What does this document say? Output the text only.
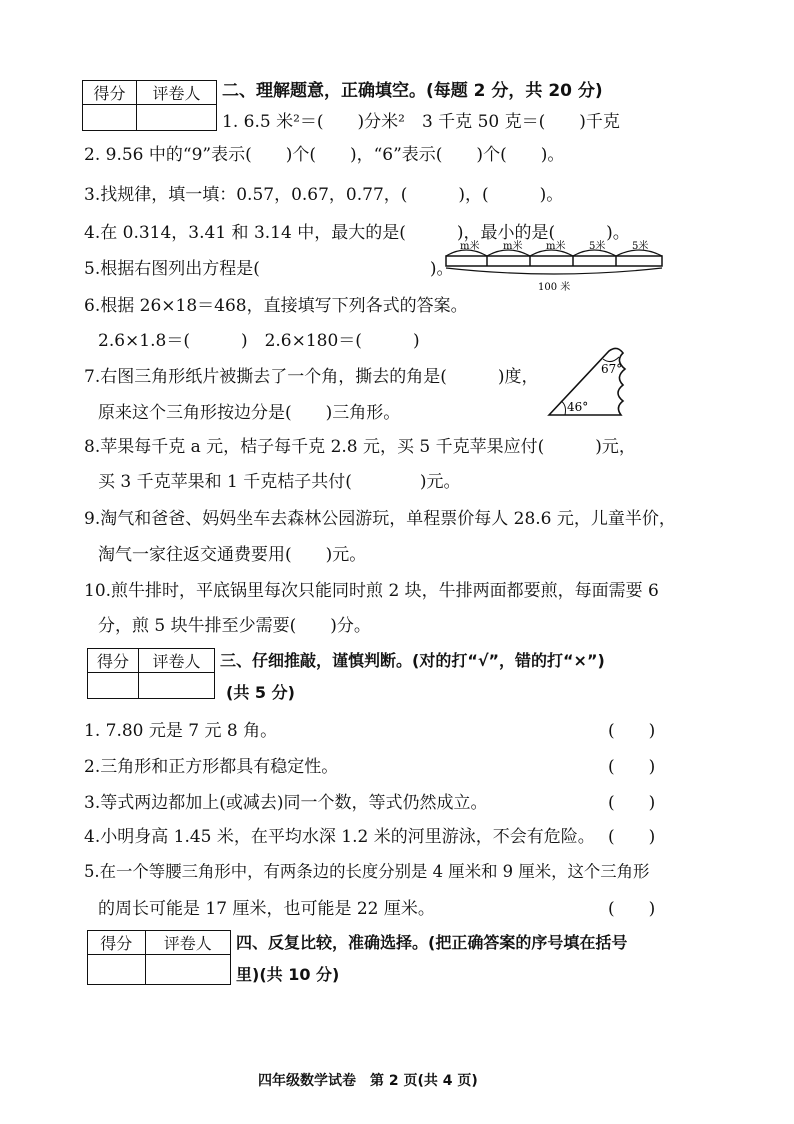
得分	评卷人
	二、理解题意，正确填空。(每题 2 分，共 20 分)
1. 6.5 米²＝(　　)分米²　3 千克 50 克＝(　　)千克
2. 9.56 中的“9”表示(　　)个(　　)，“6”表示(　　)个(　　)。
3.找规律，填一填：0.57，0.67，0.77，(　　　)，(　　　)。
4.在 0.314，3.41 和 3.14 中，最大的是(　　　)，最小的是(　　　)。
5.根据右图列出方程是(　　　　　　　　　　)。
m米 m米 m米 5米	5米
100 米
6.根据 26×18＝468，直接填写下列各式的答案。
2.6×1.8＝(　　　)　2.6×180＝(　　　)
7.右图三角形纸片被撕去了一个角，撕去的角是(　　　)度，
原来这个三角形按边分是(　　)三角形。
67°
46°
8.苹果每千克 a 元，桔子每千克 2.8 元，买 5 千克苹果应付(　　　)元，
买 3 千克苹果和 1 千克桔子共付(　　　　)元。
9.淘气和爸爸、妈妈坐车去森林公园游玩，单程票价每人 28.6 元，儿童半价，
淘气一家往返交通费要用(　　)元。
10.煎牛排时，平底锅里每次只能同时煎 2 块，牛排两面都要煎，每面需要 6
分，煎 5 块牛排至少需要(　　)分。
得分	评卷人
	三、仔细推敲，谨慎判断。(对的打“√”，错的打“×”)
(共 5 分)
1. 7.80 元是 7 元 8 角。	(　　)
2.三角形和正方形都具有稳定性。	(　　)
3.等式两边都加上(或减去)同一个数，等式仍然成立。	(　　)
4.小明身高 1.45 米，在平均水深 1.2 米的河里游泳，不会有危险。 (　　)
5.在一个等腰三角形中，有两条边的长度分别是 4 厘米和 9 厘米，这个三角形
的周长可能是 17 厘米，也可能是 22 厘米。	(　　)
得分	评卷人
	四、反复比较，准确选择。(把正确答案的序号填在括号
里)(共 10 分)
四年级数学试卷　第 2 页(共 4 页)
